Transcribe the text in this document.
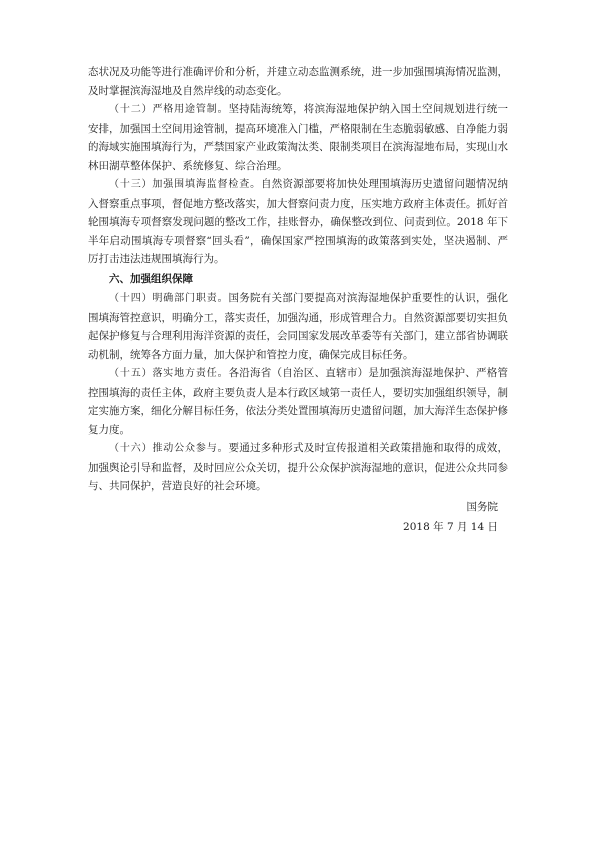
态状况及功能等进行准确评价和分析，并建立动态监测系统，进一步加强围填海情况监测，及时掌握滨海湿地及自然岸线的动态变化。

（十二）严格用途管制。坚持陆海统筹，将滨海湿地保护纳入国土空间规划进行统一安排，加强国土空间用途管制，提高环境准入门槛，严格限制在生态脆弱敏感、自净能力弱的海域实施围填海行为，严禁国家产业政策淘汰类、限制类项目在滨海湿地布局，实现山水林田湖草整体保护、系统修复、综合治理。

（十三）加强围填海监督检查。自然资源部要将加快处理围填海历史遗留问题情况纳入督察重点事项，督促地方整改落实，加大督察问责力度，压实地方政府主体责任。抓好首轮围填海专项督察发现问题的整改工作，挂账督办，确保整改到位、问责到位。2018 年下半年启动围填海专项督察“回头看”，确保国家严控围填海的政策落到实处，坚决遏制、严厉打击违法违规围填海行为。

六、加强组织保障

（十四）明确部门职责。国务院有关部门要提高对滨海湿地保护重要性的认识，强化围填海管控意识，明确分工，落实责任，加强沟通，形成管理合力。自然资源部要切实担负起保护修复与合理利用海洋资源的责任，会同国家发展改革委等有关部门，建立部省协调联动机制，统筹各方面力量，加大保护和管控力度，确保完成目标任务。

（十五）落实地方责任。各沿海省（自治区、直辖市）是加强滨海湿地保护、严格管控围填海的责任主体，政府主要负责人是本行政区域第一责任人，要切实加强组织领导，制定实施方案，细化分解目标任务，依法分类处置围填海历史遗留问题，加大海洋生态保护修复力度。

（十六）推动公众参与。要通过多种形式及时宣传报道相关政策措施和取得的成效，加强舆论引导和监督，及时回应公众关切，提升公众保护滨海湿地的意识，促进公众共同参与、共同保护，营造良好的社会环境。

国务院

2018 年 7 月 14 日
